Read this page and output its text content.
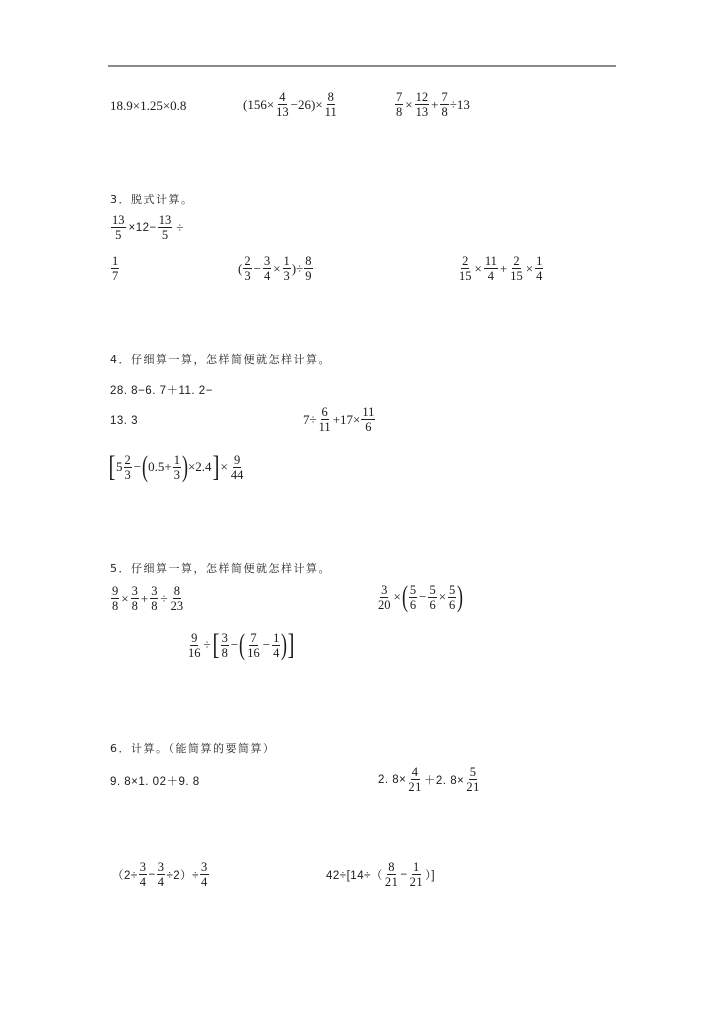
18.9×1.25×0.8	$(156\times \frac{4}{13} -26)\times \frac{8}{11}$	$\frac{7}{8} \times \frac{12}{13} + \frac{7}{8} \div 13$
3．脱式计算。
$\frac{13}{5} \times 12- \frac{13}{5}$ ÷
$\frac{1}{7}$	( $\frac{2}{3} - \frac{3}{4} \times \frac{1}{3}$ )÷ $\frac{8}{9}$	$\frac{2}{15} \times \frac{11}{4} + \frac{2}{15} \times \frac{1}{4}$
4．仔细算一算，怎样简便就怎样计算。
28. 8−6. 7＋11. 2−
13. 3	$7\div \frac{6}{11} +17\times \frac{11}{6}$
[ $5 \frac{2}{3}$ − ( $0.5+ \frac{1}{3}$ ) ×2.4 ] × $\frac{9}{44}$
5．仔细算一算，怎样简便就怎样计算。
$\frac{9}{8} \times \frac{3}{8} + \frac{3}{8} \div \frac{8}{23}$	$\frac{3}{20}$ × ( $\frac{5}{6} - \frac{5}{6} \times \frac{5}{6}$ )
$\frac{9}{16}$ ÷ [ $\frac{3}{8}$ − ( $\frac{7}{16} - \frac{1}{4}$ ) ]
6．计算。（能简算的要简算）
9. 8×1. 02＋9. 8	2. $8\times \frac{4}{21} +2$. $8\times \frac{5}{21}$
$(2\div \frac{3}{4} - \frac{3}{4} \div 2)\div \frac{3}{4}$	$42\div[14\div( \frac{8}{21} - \frac{1}{21}$ ）]
